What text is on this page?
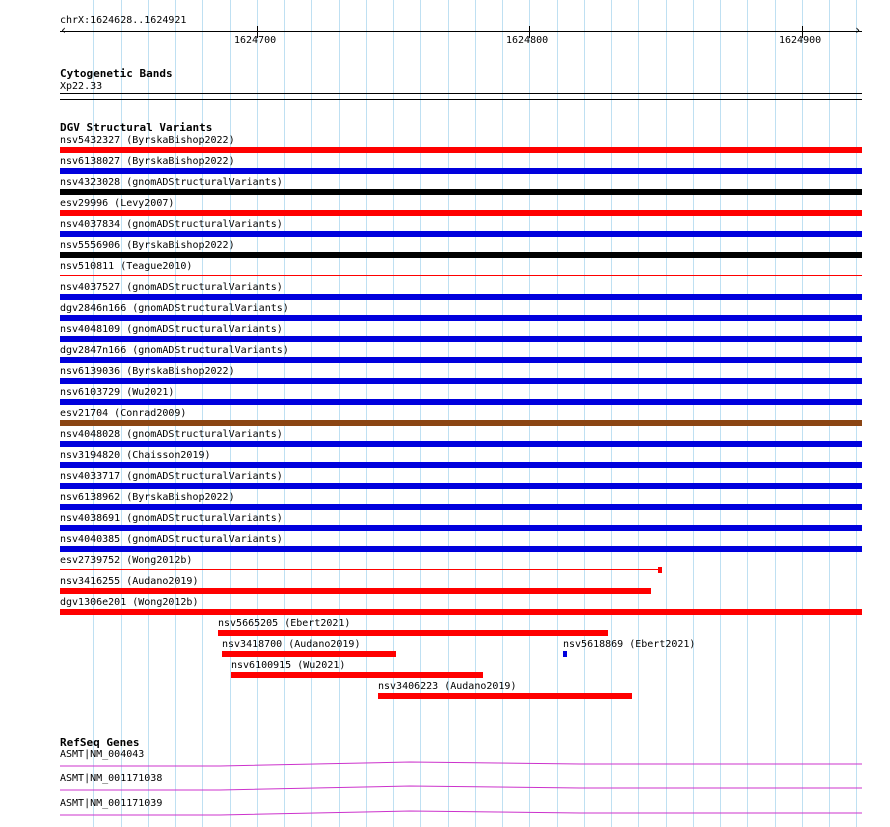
chrX:1624628..1624921
‹	›
1624700	1624800	1624900
Cytogenetic Bands
Xp22.33
DGV Structural Variants
nsv5432327 (ByrskaBishop2022)
nsv6138027 (ByrskaBishop2022)
nsv4323028 (gnomADStructuralVariants)
esv29996 (Levy2007)
nsv4037834 (gnomADStructuralVariants)
nsv5556906 (ByrskaBishop2022)
nsv510811 (Teague2010)
nsv4037527 (gnomADStructuralVariants)
dgv2846n166 (gnomADStructuralVariants)
nsv4048109 (gnomADStructuralVariants)
dgv2847n166 (gnomADStructuralVariants)
nsv6139036 (ByrskaBishop2022)
nsv6103729 (Wu2021)
esv21704 (Conrad2009)
nsv4048028 (gnomADStructuralVariants)
nsv3194820 (Chaisson2019)
nsv4033717 (gnomADStructuralVariants)
nsv6138962 (ByrskaBishop2022)
nsv4038691 (gnomADStructuralVariants)
nsv4040385 (gnomADStructuralVariants)
esv2739752 (Wong2012b)
nsv3416255 (Audano2019)
dgv1306e201 (Wong2012b)
nsv5665205 (Ebert2021)
nsv3418700 (Audano2019)	nsv5618869 (Ebert2021)
nsv6100915 (Wu2021)
nsv3406223 (Audano2019)
RefSeq Genes
ASMT|NM_004043
ASMT|NM_001171038
ASMT|NM_001171039
